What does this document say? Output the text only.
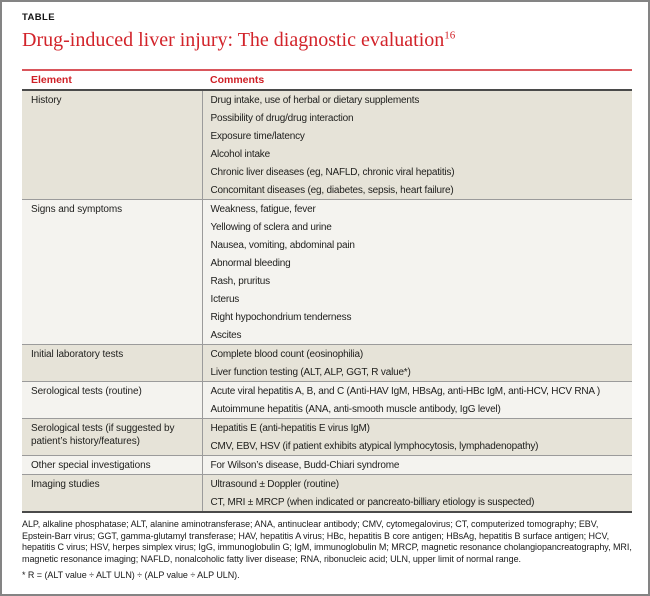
TABLE
Drug-induced liver injury: The diagnostic evaluation$^{16}$
Element	Comments
History	Drug intake, use of herbal or dietary supplements
Possibility of drug/drug interaction
Exposure time/latency
Alcohol intake
Chronic liver diseases (eg, NAFLD, chronic viral hepatitis)
Concomitant diseases (eg, diabetes, sepsis, heart failure)

Signs and symptoms	Weakness, fatigue, fever
Yellowing of sclera and urine
Nausea, vomiting, abdominal pain
Abnormal bleeding
Rash, pruritus
Icterus
Right hypochondrium tenderness
Ascites

Initial laboratory tests	Complete blood count (eosinophilia)
Liver function testing (ALT, ALP, GGT, R value*)

Serological tests (routine)	Acute viral hepatitis A, B, and C (Anti-HAV IgM, HBsAg, anti-HBc IgM, anti-HCV, HCV RNA )
Autoimmune hepatitis (ANA, anti-smooth muscle antibody, IgG level)

Serological tests (if suggested by patient’s history/features)	Hepatitis E (anti-hepatitis E virus IgM)
CMV, EBV, HSV (if patient exhibits atypical lymphocytosis, lymphadenopathy)

Other special investigations	For Wilson’s disease, Budd-Chiari syndrome

Imaging studies	Ultrasound ± Doppler (routine)
CT, MRI ± MRCP (when indicated or pancreato-billiary etiology is suspected)

ALP, alkaline phosphatase; ALT, alanine aminotransferase; ANA, antinuclear antibody; CMV, cytomegalovirus; CT, computerized tomography; EBV, Epstein-Barr virus; GGT, gamma-glutamyl transferase; HAV, hepatitis A virus; HBc, hepatitis B core antigen; HBsAg, hepatitis B surface antigen; HCV, hepatitis C virus; HSV, herpes simplex virus; IgG, immunoglobulin G; IgM, immunoglobulin M; MRCP, magnetic resonance cholangiopancreatography, MRI, magnetic resonance imaging; NAFLD, nonalcoholic fatty liver disease; RNA, ribonucleic acid; ULN, upper limit of normal range.

* R = (ALT value ÷ ALT ULN) ÷ (ALP value ÷ ALP ULN).
